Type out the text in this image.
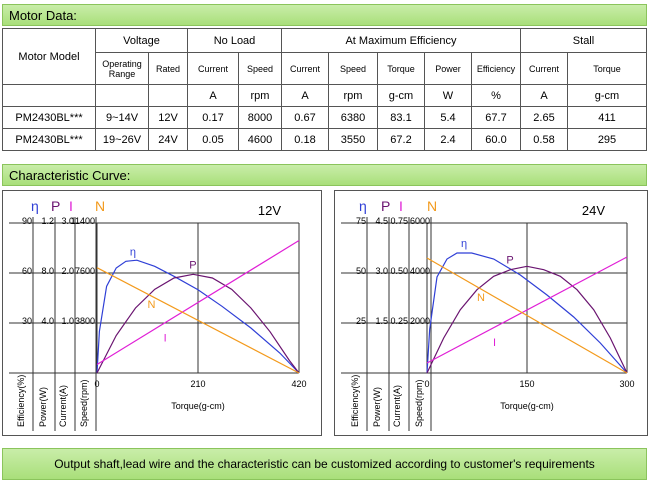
Motor Data:
Motor Model	Voltage		No Load		At Maximum Efficiency					Stall	
	Operating Range	Rated	Current	Speed	Current	Speed	Torque	Power	Efficiency	Current	Torque
			A	rpm	A	rpm	g-cm	W	%	A	g-cm
PM2430BL***	9~14V	12V	0.17	8000	0.67	6380	83.1	5.4	67.7	2.65	411
PM2430BL***	19~26V	24V	0.05	4600	0.18	3550	67.2	2.4	60.0	0.58	295
Characteristic Curve:
η P I N	12V
90
60
30
Efficiency(%)
1.2
8.0
4.0
Power(W)
3.0
2.0
1.0
Current(A)
11400
7600
3800
Speed(rpm) 0	210	420
Torque(g-cm)
η
P
I
N
η P I N	24V
75
50
25
Efficiency(%)
4.5
3.0
1.5
Power(W)
0.75
0.50
0.25
Current(A)
6000
4000
2000
Speed(rpm) 0	150	300
Torque(g-cm)
η
P
I
N
Output shaft,lead wire and the characteristic can be customized according to customer's requirements
